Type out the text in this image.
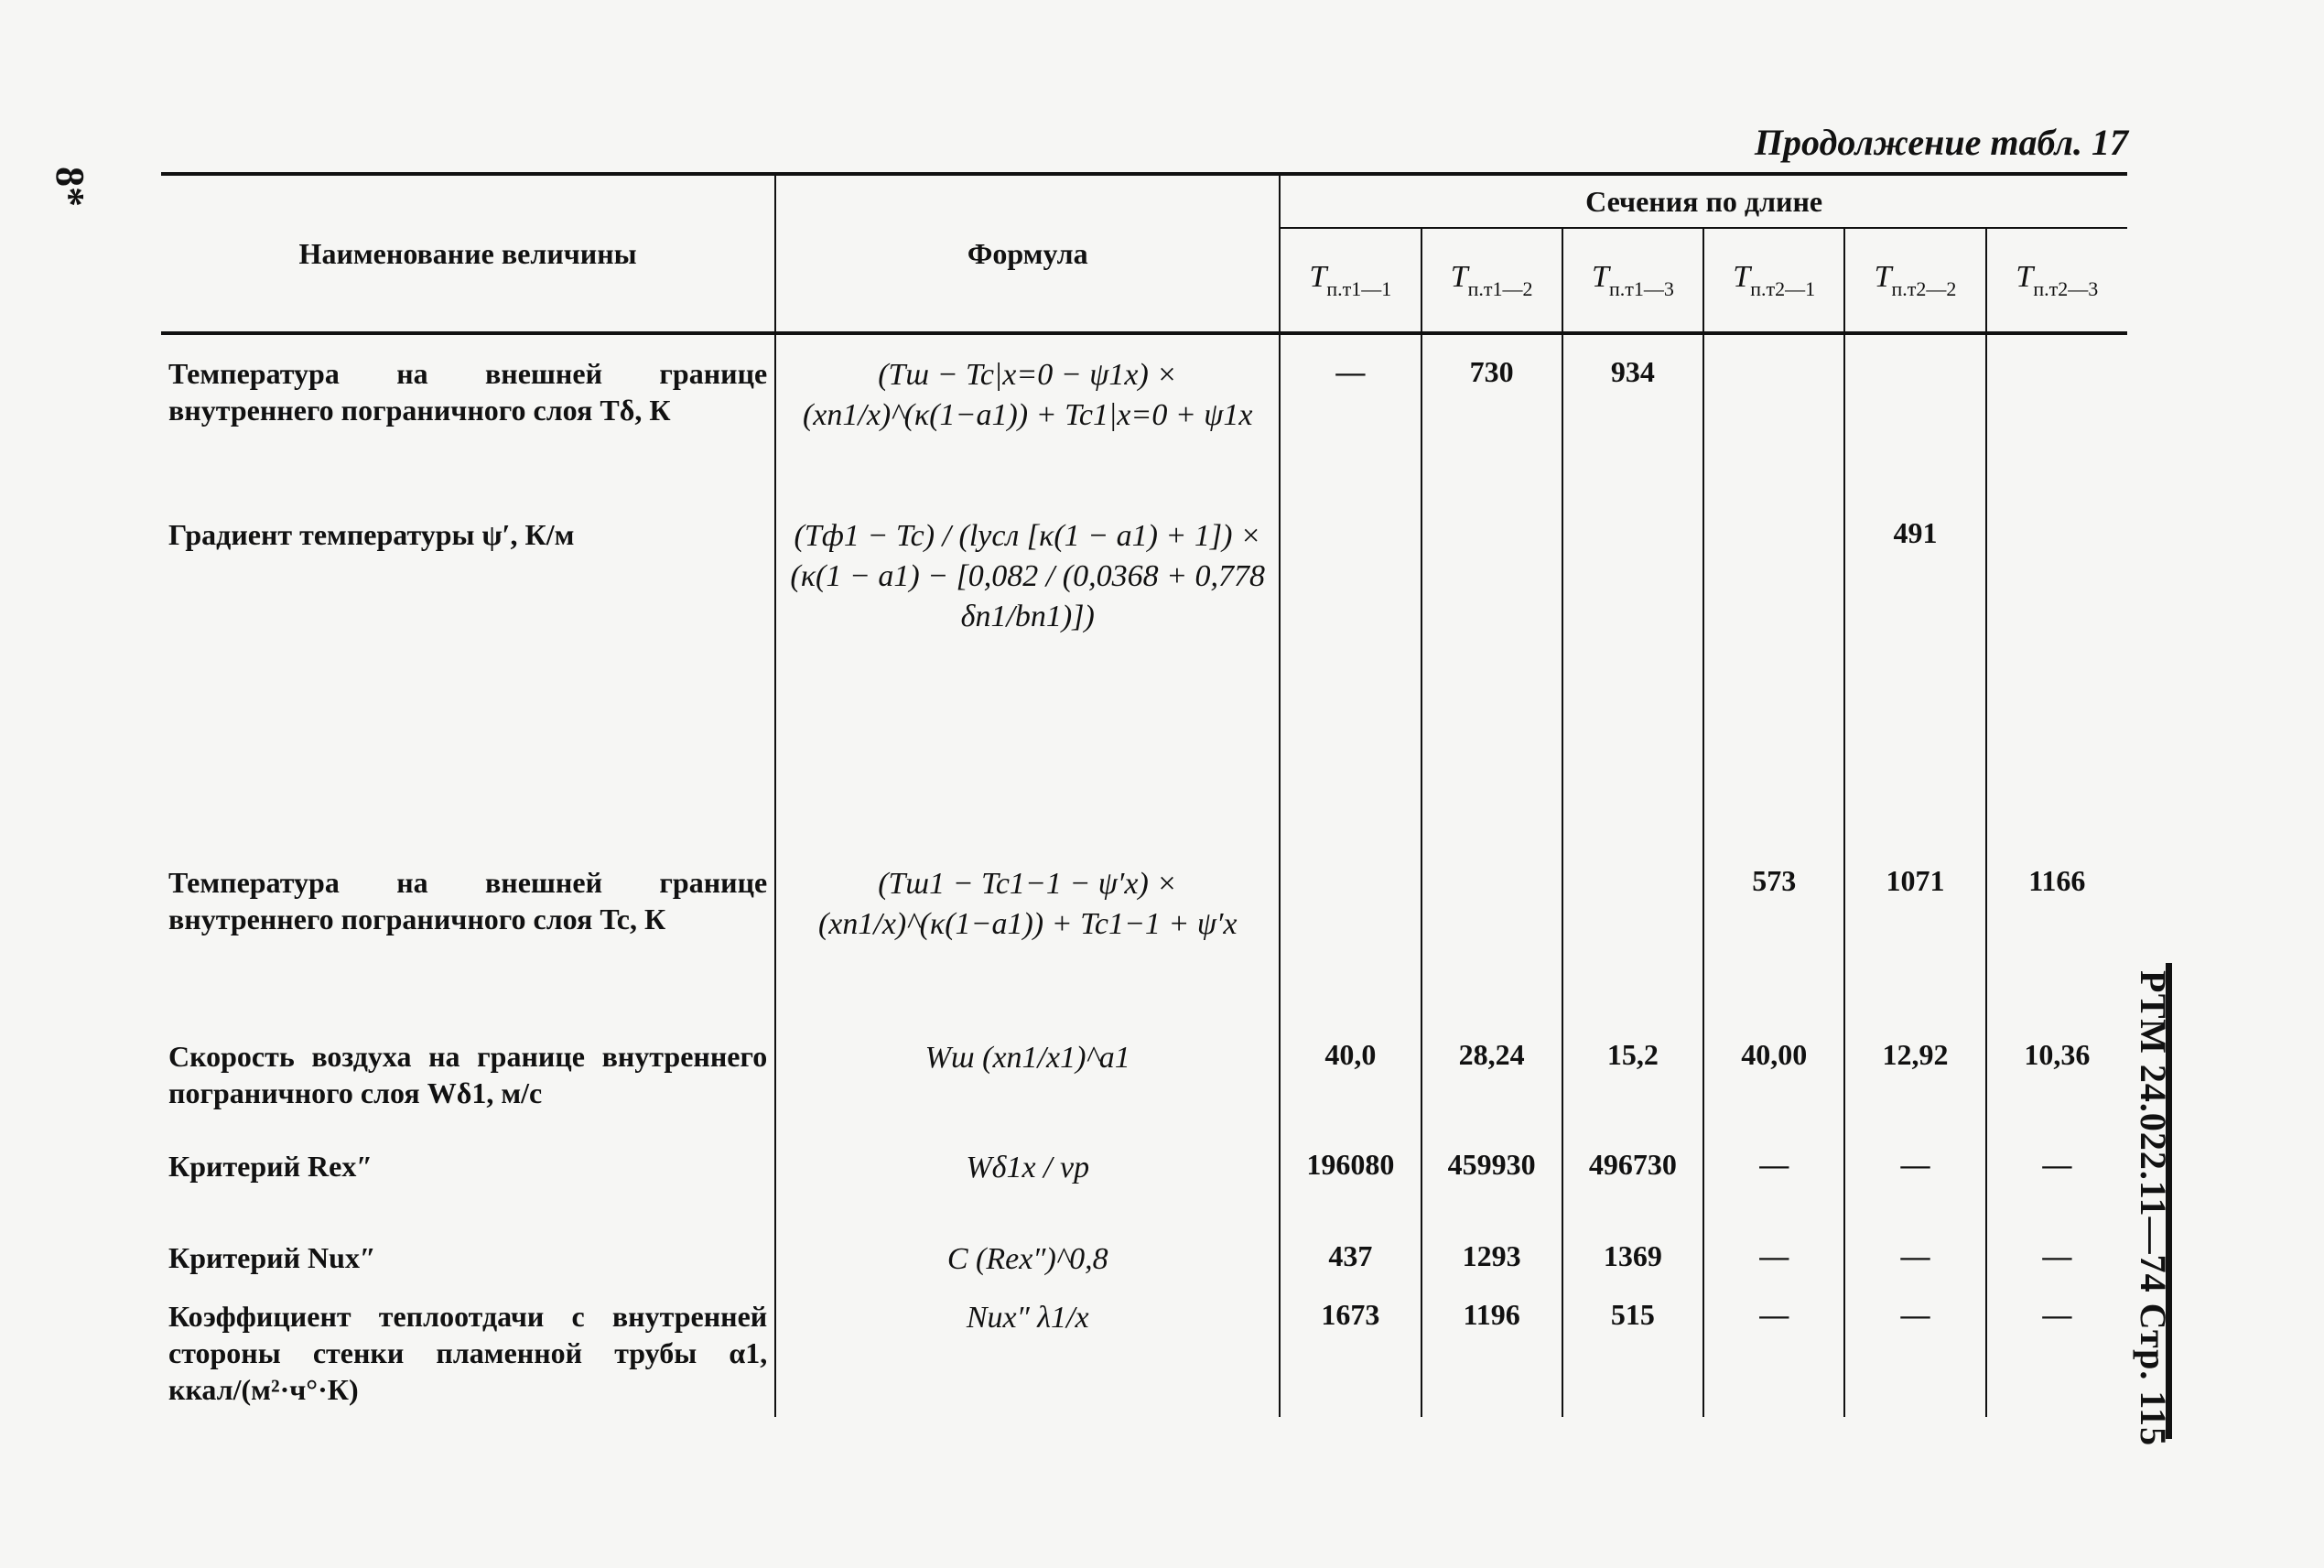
8*
Продолжение табл. 17
РТМ 24.022.11—74 Стр. 115
Наименование величины	Формула	Сечения по длине					
		$T_{п.т1—1}$	$T_{п.т1—2}$	$T_{п.т1—3}$	$T_{п.т2—1}$	$T_{п.т2—2}$	$T_{п.т2—3}$
Температура на внешней границе внутреннего пограничного слоя Tδ, К	(Tш − Tc|x=0 − ψ1x) × (xn1/x)^(κ(1−a1)) + Tc1|x=0 + ψ1x	—	730	934			
Градиент температуры ψ′, К/м	(Tф1 − Tc) / (lусл [κ(1 − a1) + 1]) × (κ(1 − a1) − [0,082 / (0,0368 + 0,778 δn1/bn1)])					491	
Температура на внешней границе внутреннего пограничного слоя Tc, К	(Tш1 − Tc1−1 − ψ′x) × (xn1/x)^(κ(1−a1)) + Tc1−1 + ψ′x				573	1071	1166
Скорость воздуха на границе внутреннего пограничного слоя Wδ1, м/с	Wш (xn1/x1)^a1	40,0	28,24	15,2	40,00	12,92	10,36
Критерий Rex″	Wδ1x / νp	196080	459930	496730	—	—	—
Критерий Nux″	C (Rex″)^0,8	437	1293	1369	—	—	—
Коэффициент теплоотдачи с внутренней стороны стенки пламенной трубы α1, ккал/(м²·ч°·К)	Nux″ λ1/x	1673	1196	515	—	—	—
